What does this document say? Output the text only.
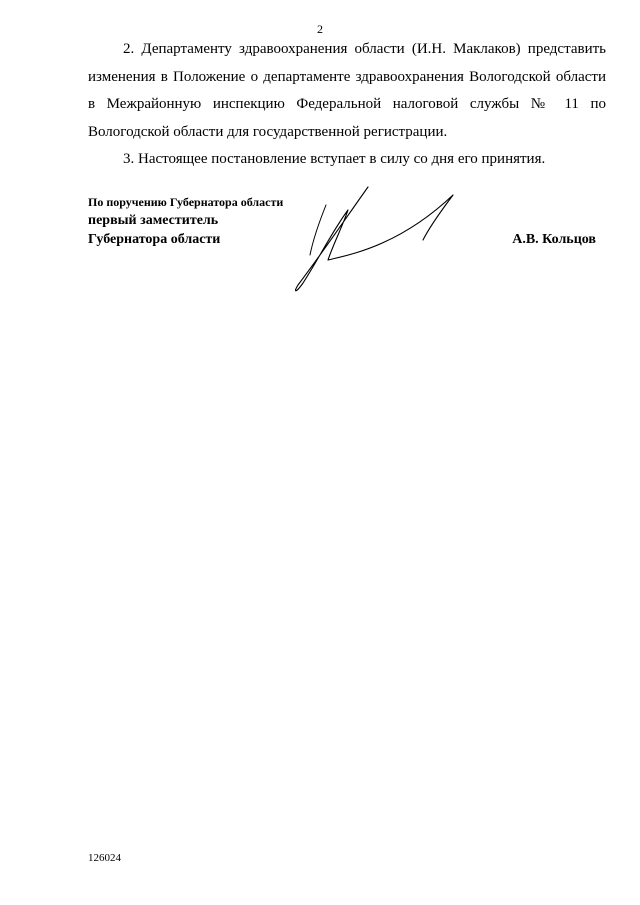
2

2. Департаменту здравоохранения области (И.Н. Маклаков) представить изменения в Положение о департаменте здравоохранения Вологодской области в Межрайонную инспекцию Федеральной налоговой службы № 11 по Вологодской области для государственной регистрации.

3. Настоящее постановление вступает в силу со дня его принятия.

По поручению Губернатора области
первый заместитель
Губернатора области	А.В. Кольцов
126024
